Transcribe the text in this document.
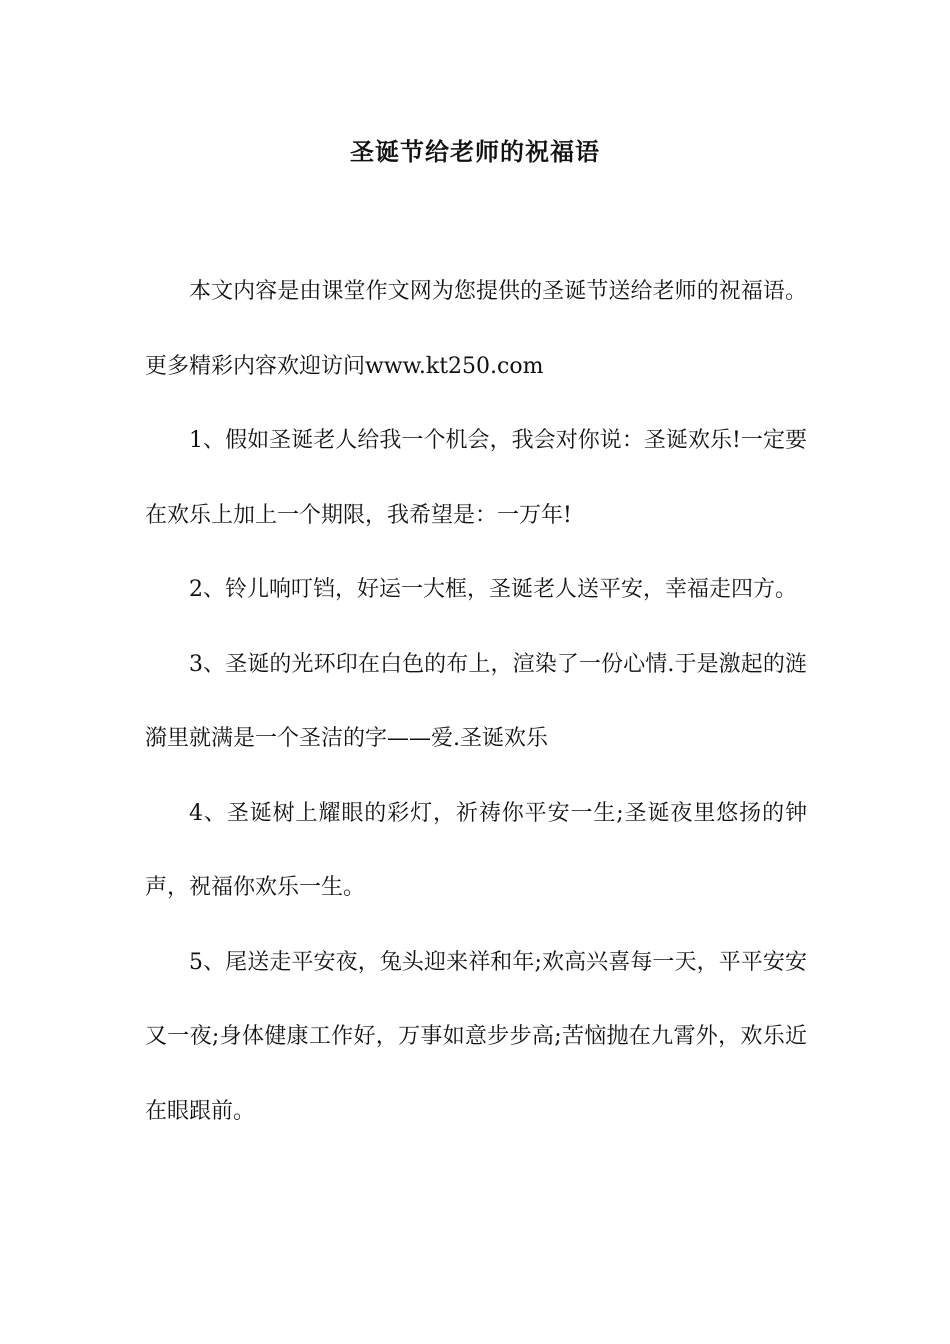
圣诞节给老师的祝福语

本文内容是由课堂作文网为您提供的圣诞节送给老师的祝福语。更多精彩内容欢迎访问www.kt250.com

1、假如圣诞老人给我一个机会，我会对你说：圣诞欢乐!一定要在欢乐上加上一个期限，我希望是：一万年!

2、铃儿响叮铛，好运一大框，圣诞老人送平安，幸福走四方。

3、圣诞的光环印在白色的布上，渲染了一份心情.于是激起的涟漪里就满是一个圣洁的字——爱.圣诞欢乐

4、圣诞树上耀眼的彩灯，祈祷你平安一生;圣诞夜里悠扬的钟声，祝福你欢乐一生。

5、尾送走平安夜，兔头迎来祥和年;欢高兴喜每一天，平平安安又一夜;身体健康工作好，万事如意步步高;苦恼抛在九霄外，欢乐近在眼跟前。
